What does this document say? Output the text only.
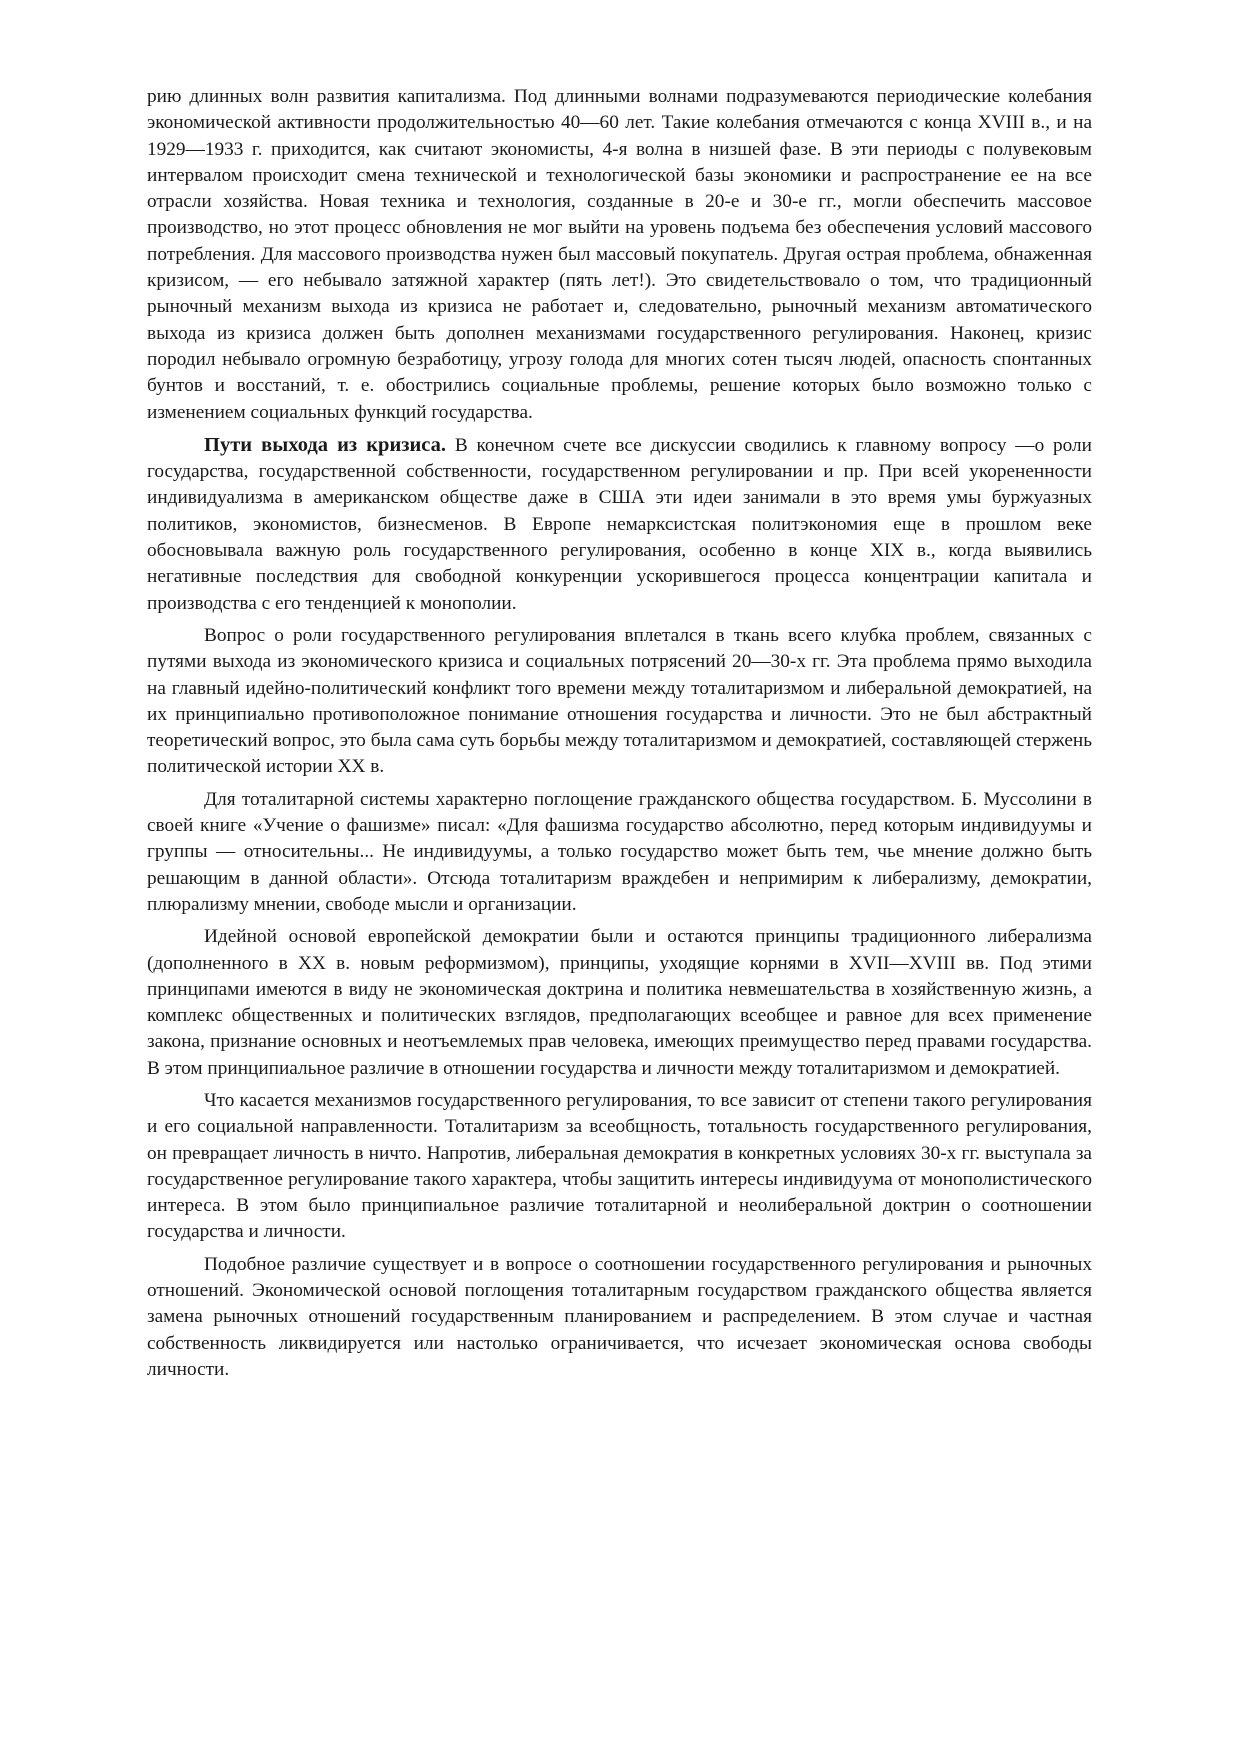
рию длинных волн развития капитализма. Под длинными волнами подразумеваются периодические колебания экономической активности продолжительностью 40—60 лет. Такие колебания отмечаются с конца XVIII в., и на 1929—1933 г. приходится, как считают экономисты, 4-я волна в низшей фазе. В эти периоды с полувековым интервалом происходит смена технической и технологической базы экономики и распространение ее на все отрасли хозяйства. Новая техника и технология, созданные в 20-е и 30-е гг., могли обеспечить массовое производство, но этот процесс обновления не мог выйти на уровень подъема без обеспечения условий массового потребления. Для массового производства нужен был массовый покупатель. Другая острая проблема, обнаженная кризисом, — его небывало затяжной характер (пять лет!). Это свидетельствовало о том, что традиционный рыночный механизм выхода из кризиса не работает и, следовательно, рыночный механизм автоматического выхода из кризиса должен быть дополнен механизмами государственного регулирования. Наконец, кризис породил небывало огромную безработицу, угрозу голода для многих сотен тысяч людей, опасность спонтанных бунтов и восстаний, т. е. обострились социальные проблемы, решение которых было возможно только с изменением социальных функций государства.

Пути выхода из кризиса. В конечном счете все дискуссии сводились к главному вопросу —о роли государства, государственной собственности, государственном регулировании и пр. При всей укорененности индивидуализма в американском обществе даже в США эти идеи занимали в это время умы буржуазных политиков, экономистов, бизнесменов. В Европе немарксистская политэкономия еще в прошлом веке обосновывала важную роль государственного регулирования, особенно в конце XIX в., когда выявились негативные последствия для свободной конкуренции ускорившегося процесса концентрации капитала и производства с его тенденцией к монополии.

Вопрос о роли государственного регулирования вплетался в ткань всего клубка проблем, связанных с путями выхода из экономического кризиса и социальных потрясений 20—30-х гг. Эта проблема прямо выходила на главный идейно-политический конфликт того времени между тоталитаризмом и либеральной демократией, на их принципиально противоположное понимание отношения государства и личности. Это не был абстрактный теоретический вопрос, это была сама суть борьбы между тоталитаризмом и демократией, составляющей стержень политической истории XX в.

Для тоталитарной системы характерно поглощение гражданского общества государством. Б. Муссолини в своей книге «Учение о фашизме» писал: «Для фашизма государство абсолютно, перед которым индивидуумы и группы — относительны... Не индивидуумы, а только государство может быть тем, чье мнение должно быть решающим в данной области». Отсюда тоталитаризм враждебен и непримирим к либерализму, демократии, плюрализму мнении, свободе мысли и организации.

Идейной основой европейской демократии были и остаются принципы традиционного либерализма (дополненного в XX в. новым реформизмом), принципы, уходящие корнями в XVII—XVIII вв. Под этими принципами имеются в виду не экономическая доктрина и политика невмешательства в хозяйственную жизнь, а комплекс общественных и политических взглядов, предполагающих всеобщее и равное для всех применение закона, признание основных и неотъемлемых прав человека, имеющих преимущество перед правами государства. В этом принципиальное различие в отношении государства и личности между тоталитаризмом и демократией.

Что касается механизмов государственного регулирования, то все зависит от степени такого регулирования и его социальной направленности. Тоталитаризм за всеобщность, тотальность государственного регулирования, он превращает личность в ничто. Напротив, либеральная демократия в конкретных условиях 30-х гг. выступала за государственное регулирование такого характера, чтобы защитить интересы индивидуума от монополистического интереса. В этом было принципиальное различие тоталитарной и неолиберальной доктрин о соотношении государства и личности.

Подобное различие существует и в вопросе о соотношении государственного регулирования и рыночных отношений. Экономической основой поглощения тоталитарным государством гражданского общества является замена рыночных отношений государственным планированием и распределением. В этом случае и частная собственность ликвидируется или настолько ограничивается, что исчезает экономическая основа свободы личности.
